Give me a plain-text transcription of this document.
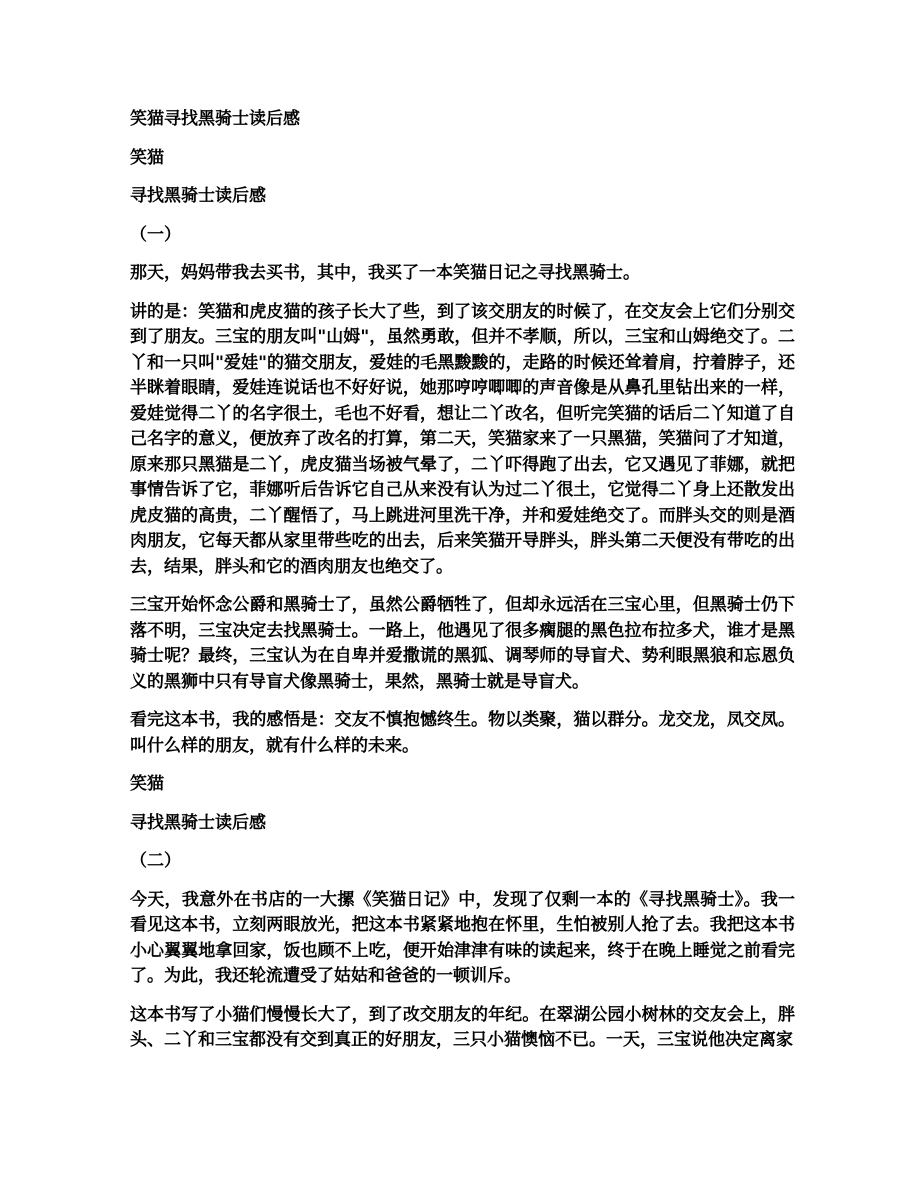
笑猫寻找黑骑士读后感

笑猫

寻找黑骑士读后感

（一）

那天，妈妈带我去买书，其中，我买了一本笑猫日记之寻找黑骑士。

讲的是：笑猫和虎皮猫的孩子长大了些，到了该交朋友的时候了，在交友会上它们分别交到了朋友。三宝的朋友叫"山姆"，虽然勇敢，但并不孝顺，所以，三宝和山姆绝交了。二丫和一只叫"爱娃"的猫交朋友，爱娃的毛黑黢黢的，走路的时候还耸着肩，拧着脖子，还半眯着眼睛，爱娃连说话也不好好说，她那哼哼唧唧的声音像是从鼻孔里钻出来的一样，爱娃觉得二丫的名字很土，毛也不好看，想让二丫改名，但听完笑猫的话后二丫知道了自己名字的意义，便放弃了改名的打算，第二天，笑猫家来了一只黑猫，笑猫问了才知道，原来那只黑猫是二丫，虎皮猫当场被气晕了，二丫吓得跑了出去，它又遇见了菲娜，就把事情告诉了它，菲娜听后告诉它自己从来没有认为过二丫很土，它觉得二丫身上还散发出虎皮猫的高贵，二丫醒悟了，马上跳进河里洗干净，并和爱娃绝交了。而胖头交的则是酒肉朋友，它每天都从家里带些吃的出去，后来笑猫开导胖头，胖头第二天便没有带吃的出去，结果，胖头和它的酒肉朋友也绝交了。

三宝开始怀念公爵和黑骑士了，虽然公爵牺牲了，但却永远活在三宝心里，但黑骑士仍下落不明，三宝决定去找黑骑士。一路上，他遇见了很多瘸腿的黑色拉布拉多犬，谁才是黑骑士呢？最终，三宝认为在自卑并爱撒谎的黑狐、调琴师的导盲犬、势利眼黑狼和忘恩负义的黑狮中只有导盲犬像黑骑士，果然，黑骑士就是导盲犬。

看完这本书，我的感悟是：交友不慎抱憾终生。物以类聚，猫以群分。龙交龙，凤交凤。叫什么样的朋友，就有什么样的未来。

笑猫

寻找黑骑士读后感

（二）

今天，我意外在书店的一大摞《笑猫日记》中，发现了仅剩一本的《寻找黑骑士》。我一看见这本书，立刻两眼放光，把这本书紧紧地抱在怀里，生怕被别人抢了去。我把这本书小心翼翼地拿回家，饭也顾不上吃，便开始津津有味的读起来，终于在晚上睡觉之前看完了。为此，我还轮流遭受了姑姑和爸爸的一顿训斥。

这本书写了小猫们慢慢长大了，到了改交朋友的年纪。在翠湖公园小树林的交友会上，胖头、二丫和三宝都没有交到真正的好朋友，三只小猫懊恼不已。一天，三宝说他决定离家
